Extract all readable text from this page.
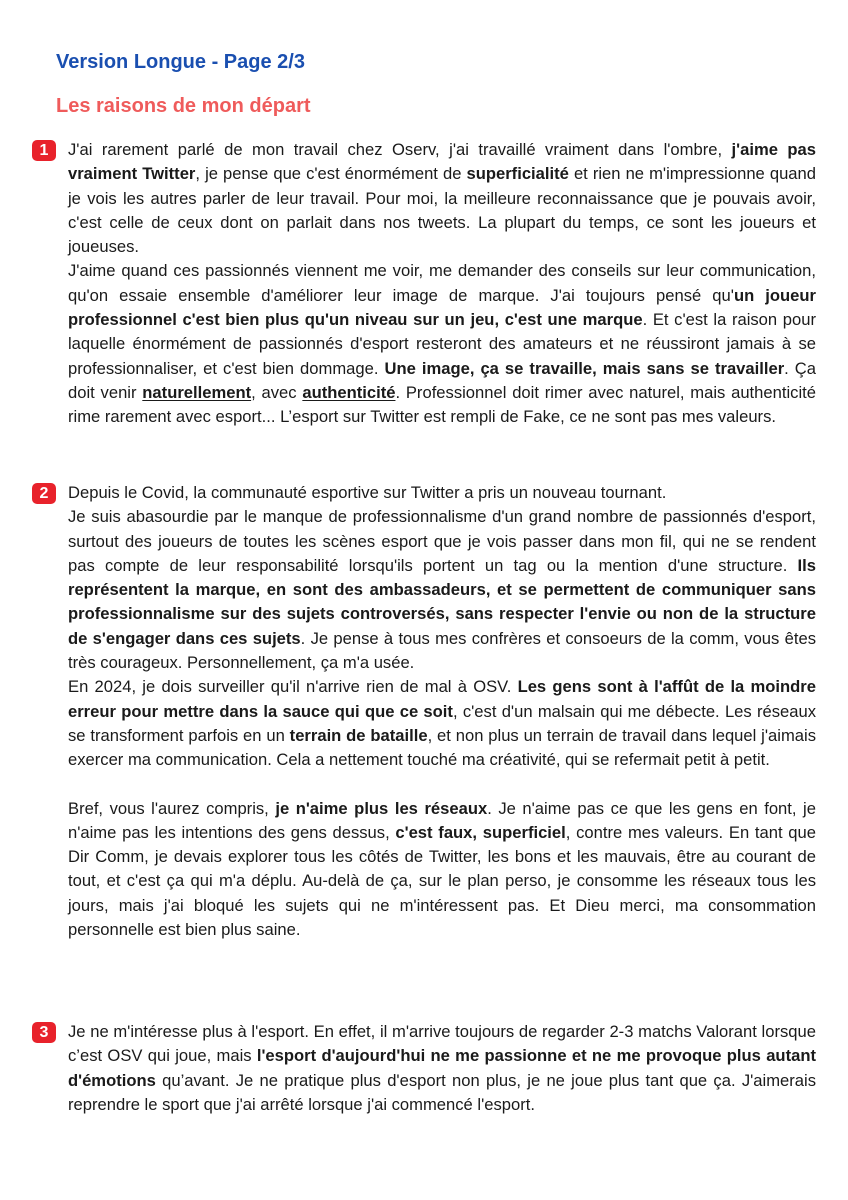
Version Longue - Page 2/3
Les raisons de mon départ
1	J'ai rarement parlé de mon travail chez Oserv, j'ai travaillé vraiment dans l'ombre, j'aime pas vraiment Twitter, je pense que c'est énormément de superficialité et rien ne m'impressionne quand je vois les autres parler de leur travail. Pour moi, la meilleure reconnaissance que je pouvais avoir, c'est celle de ceux dont on parlait dans nos tweets. La plupart du temps, ce sont les joueurs et joueuses.

J'aime quand ces passionnés viennent me voir, me demander des conseils sur leur communication, qu'on essaie ensemble d'améliorer leur image de marque. J'ai toujours pensé qu'un joueur professionnel c'est bien plus qu'un niveau sur un jeu, c'est une marque. Et c'est la raison pour laquelle énormément de passionnés d'esport resteront des amateurs et ne réussiront jamais à se professionnaliser, et c'est bien dommage. Une image, ça se travaille, mais sans se travailler. Ça doit venir naturellement, avec authenticité. Professionnel doit rimer avec naturel, mais authenticité rime rarement avec esport... L’esport sur Twitter est rempli de Fake, ce ne sont pas mes valeurs.

2	Depuis le Covid, la communauté esportive sur Twitter a pris un nouveau tournant.

Je suis abasourdie par le manque de professionnalisme d'un grand nombre de passionnés d'esport, surtout des joueurs de toutes les scènes esport que je vois passer dans mon fil, qui ne se rendent pas compte de leur responsabilité lorsqu'ils portent un tag ou la mention d'une structure. Ils représentent la marque, en sont des ambassadeurs, et se permettent de communiquer sans professionnalisme sur des sujets controversés, sans respecter l'envie ou non de la structure de s'engager dans ces sujets. Je pense à tous mes confrères et consoeurs de la comm, vous êtes très courageux. Personnellement, ça m'a usée.

En 2024, je dois surveiller qu'il n'arrive rien de mal à OSV. Les gens sont à l'affût de la moindre erreur pour mettre dans la sauce qui que ce soit, c'est d'un malsain qui me débecte. Les réseaux se transforment parfois en un terrain de bataille, et non plus un terrain de travail dans lequel j'aimais exercer ma communication. Cela a nettement touché ma créativité, qui se refermait petit à petit.

Bref, vous l'aurez compris, je n'aime plus les réseaux. Je n'aime pas ce que les gens en font, je n'aime pas les intentions des gens dessus, c'est faux, superficiel, contre mes valeurs. En tant que Dir Comm, je devais explorer tous les côtés de Twitter, les bons et les mauvais, être au courant de tout, et c'est ça qui m'a déplu. Au-delà de ça, sur le plan perso, je consomme les réseaux tous les jours, mais j'ai bloqué les sujets qui ne m'intéressent pas. Et Dieu merci, ma consommation personnelle est bien plus saine.

3	Je ne m'intéresse plus à l'esport. En effet, il m'arrive toujours de regarder 2-3 matchs Valorant lorsque c’est OSV qui joue, mais l'esport d'aujourd'hui ne me passionne et ne me provoque plus autant d'émotions qu’avant. Je ne pratique plus d'esport non plus, je ne joue plus tant que ça. J'aimerais reprendre le sport que j'ai arrêté lorsque j'ai commencé l'esport.
